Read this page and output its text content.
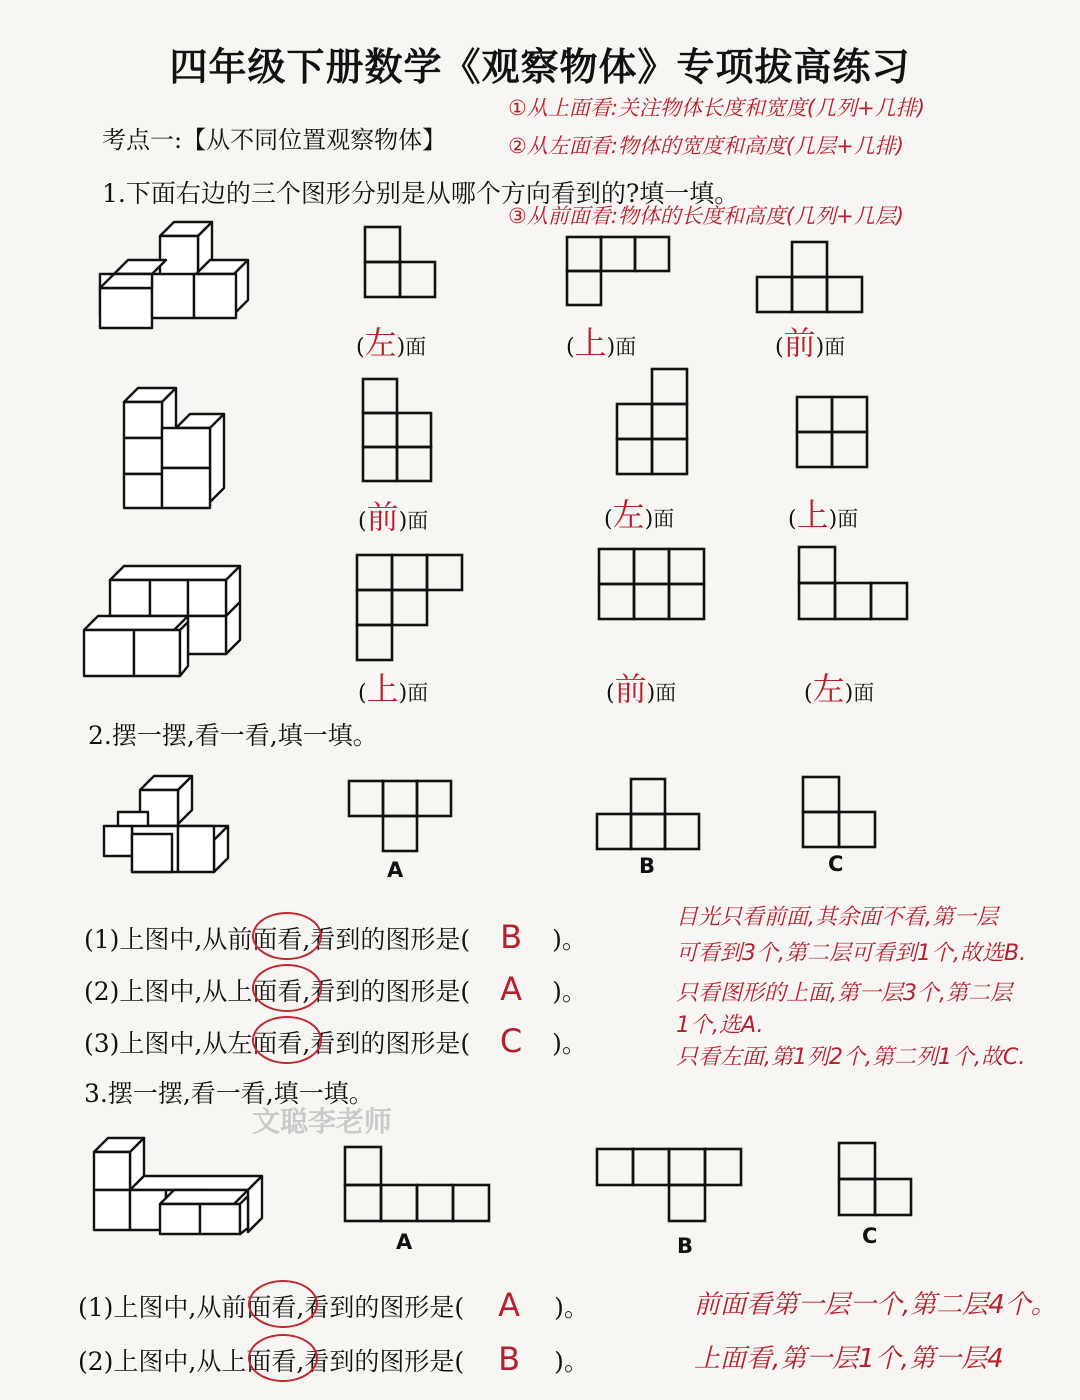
四年级下册数学《观察物体》专项拔高练习
考点一:【从不同位置观察物体】
①从上面看:关注物体长度和宽度(几列+几排)
②从左面看:物体的宽度和高度(几层+几排)
③从前面看:物体的长度和高度(几列+几层)
1.下面右边的三个图形分别是从哪个方向看到的?填一填。
(左)面	(上)面	(前)面
(前)面	(左)面	(上)面
(上)面	(前)面	(左)面
2.摆一摆,看一看,填一填。
A	B	C
(1)上图中,从前面看,看到的图形是( B )。
(2)上图中,从上面看,看到的图形是( A )。
(3)上图中,从左面看,看到的图形是( C )。
目光只看前面,其余面不看,第一层
可看到3个,第二层可看到1个,故选B.
只看图形的上面,第一层3个,第二层
1个,选A.
只看左面,第1列2个,第二列1个,故C.
3.摆一摆,看一看,填一填。
文聪李老师
A	B	C
(1)上图中,从前面看,看到的图形是( A )。	前面看第一层一个,第二层4个。
(2)上图中,从上面看,看到的图形是( B )。	上面看,第一层1个,第一层4
